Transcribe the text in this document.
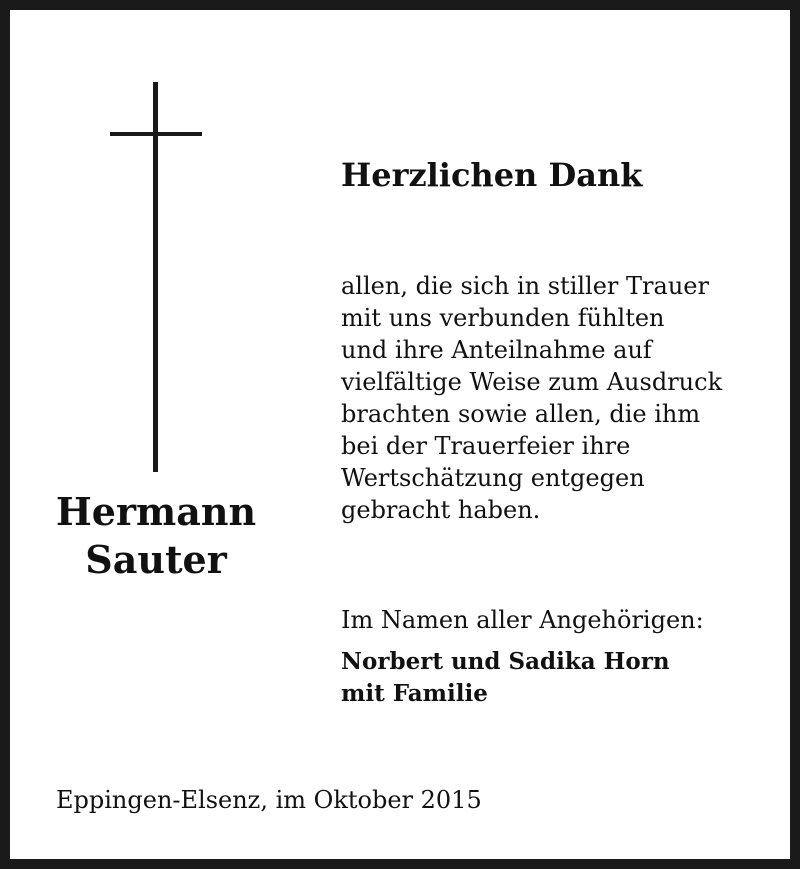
Hermann
Sauter
Herzlichen Dank
allen, die sich in stiller Trauer
mit uns verbunden fühlten
und ihre Anteilnahme auf
vielfältige Weise zum Ausdruck
brachten sowie allen, die ihm
bei der Trauerfeier ihre
Wertschätzung entgegen
gebracht haben.
Im Namen aller Angehörigen:
Norbert und Sadika Horn
mit Familie
Eppingen-Elsenz, im Oktober 2015
